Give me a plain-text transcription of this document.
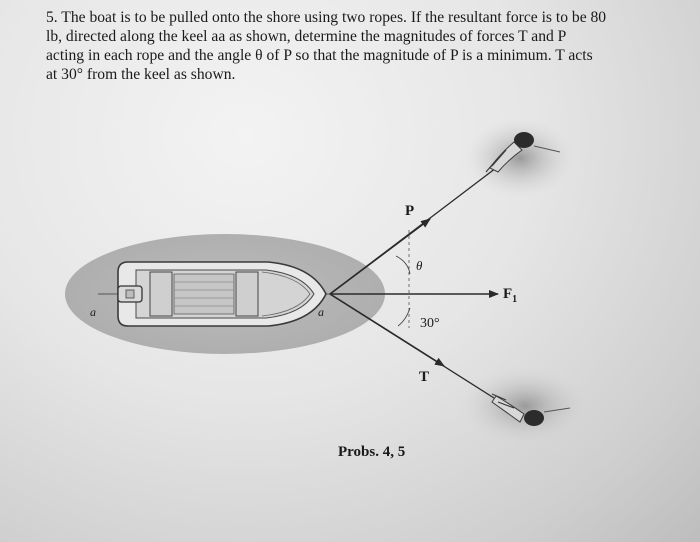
5. The boat is to be pulled onto the shore using two ropes. If the resultant force is to be 80
lb, directed along the keel aa as shown, determine the magnitudes of forces T and P
acting in each rope and the angle θ of P so that the magnitude of P is a minimum. T acts
at 30° from the keel as shown.

a	a
P
θ
$F_1$
30°
T
Probs. 4, 5
